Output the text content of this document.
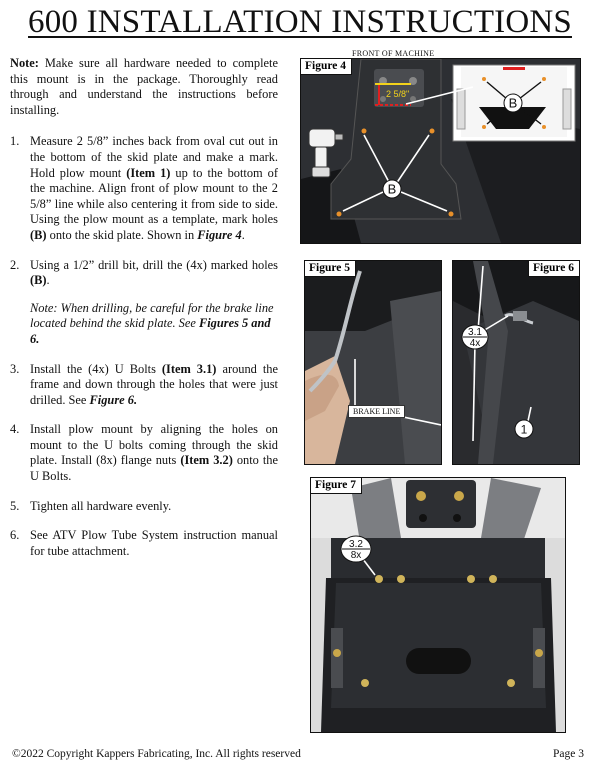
600 INSTALLATION INSTRUCTIONS

Note: Make sure all hardware needed to complete this mount is in the package. Thoroughly read through and understand the instructions before installing.

1. Measure 2 5/8” inches back from oval cut out in the bottom of the skid plate and make a mark. Hold plow mount (Item 1) up to the bottom of the machine. Align front of plow mount to the 2 5/8” line while also centering it from side to side. Using the plow mount as a template, mark holes (B) onto the skid plate. Shown in Figure 4.
2. Using a 1/2” drill bit, drill the (4x) marked holes (B).

Note: When drilling, be careful for the brake line located behind the skid plate. See Figures 5 and 6.

3. Install the (4x) U Bolts (Item 3.1) around the frame and down through the holes that were just drilled. See Figure 6.
4. Install plow mount by aligning the holes on mount to the U bolts coming through the skid plate. Install (8x) flange nuts (Item 3.2) onto the U Bolts.
5. Tighten all hardware evenly.
6. See ATV Plow Tube System instruction manual for tube attachment.
FRONT OF MACHINE
2 5/8"
B
B
Figure 4
Figure 5
BRAKE LINE
3.1
4x
1
Figure 6
3.2
8x
Figure 7
©2022 Copyright Kappers Fabricating, Inc. All rights reserved	Page 3
